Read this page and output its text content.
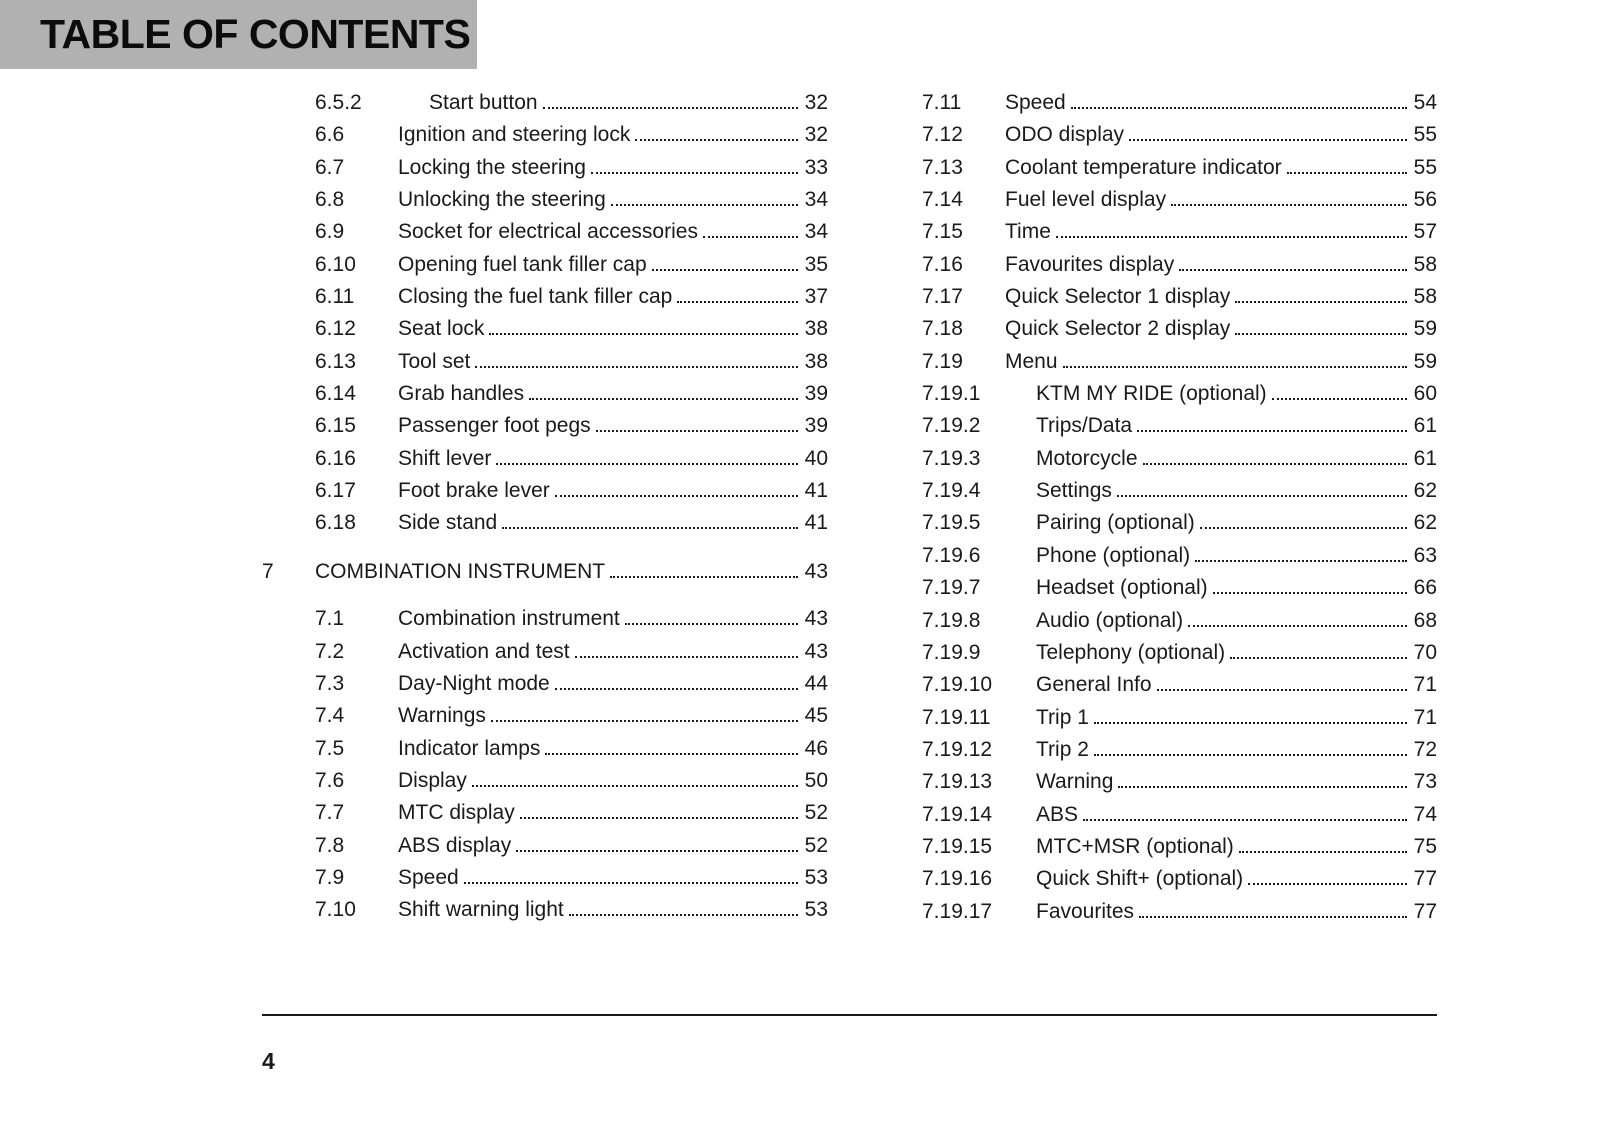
TABLE OF CONTENTS
6.5.2	Start button	32
6.6	Ignition and steering lock	32
6.7	Locking the steering	33
6.8	Unlocking the steering	34
6.9	Socket for electrical accessories	34
6.10	Opening fuel tank filler cap	35
6.11	Closing the fuel tank filler cap	37
6.12	Seat lock	38
6.13	Tool set	38
6.14	Grab handles	39
6.15	Passenger foot pegs	39
6.16	Shift lever	40
6.17	Foot brake lever	41
6.18	Side stand	41
7	COMBINATION INSTRUMENT	43
7.1	Combination instrument	43
7.2	Activation and test	43
7.3	Day-Night mode	44
7.4	Warnings	45
7.5	Indicator lamps	46
7.6	Display	50
7.7	MTC display	52
7.8	ABS display	52
7.9	Speed	53
7.10	Shift warning light	53
7.11	Speed	54
7.12	ODO display	55
7.13	Coolant temperature indicator	55
7.14	Fuel level display	56
7.15	Time	57
7.16	Favourites display	58
7.17	Quick Selector 1 display	58
7.18	Quick Selector 2 display	59
7.19	Menu	59
7.19.1	KTM MY RIDE (optional)	60
7.19.2	Trips/Data	61
7.19.3	Motorcycle	61
7.19.4	Settings	62
7.19.5	Pairing (optional)	62
7.19.6	Phone (optional)	63
7.19.7	Headset (optional)	66
7.19.8	Audio (optional)	68
7.19.9	Telephony (optional)	70
7.19.10	General Info	71
7.19.11	Trip 1	71
7.19.12	Trip 2	72
7.19.13	Warning	73
7.19.14	ABS	74
7.19.15	MTC+MSR (optional)	75
7.19.16	Quick Shift+ (optional)	77
7.19.17	Favourites	77
4
